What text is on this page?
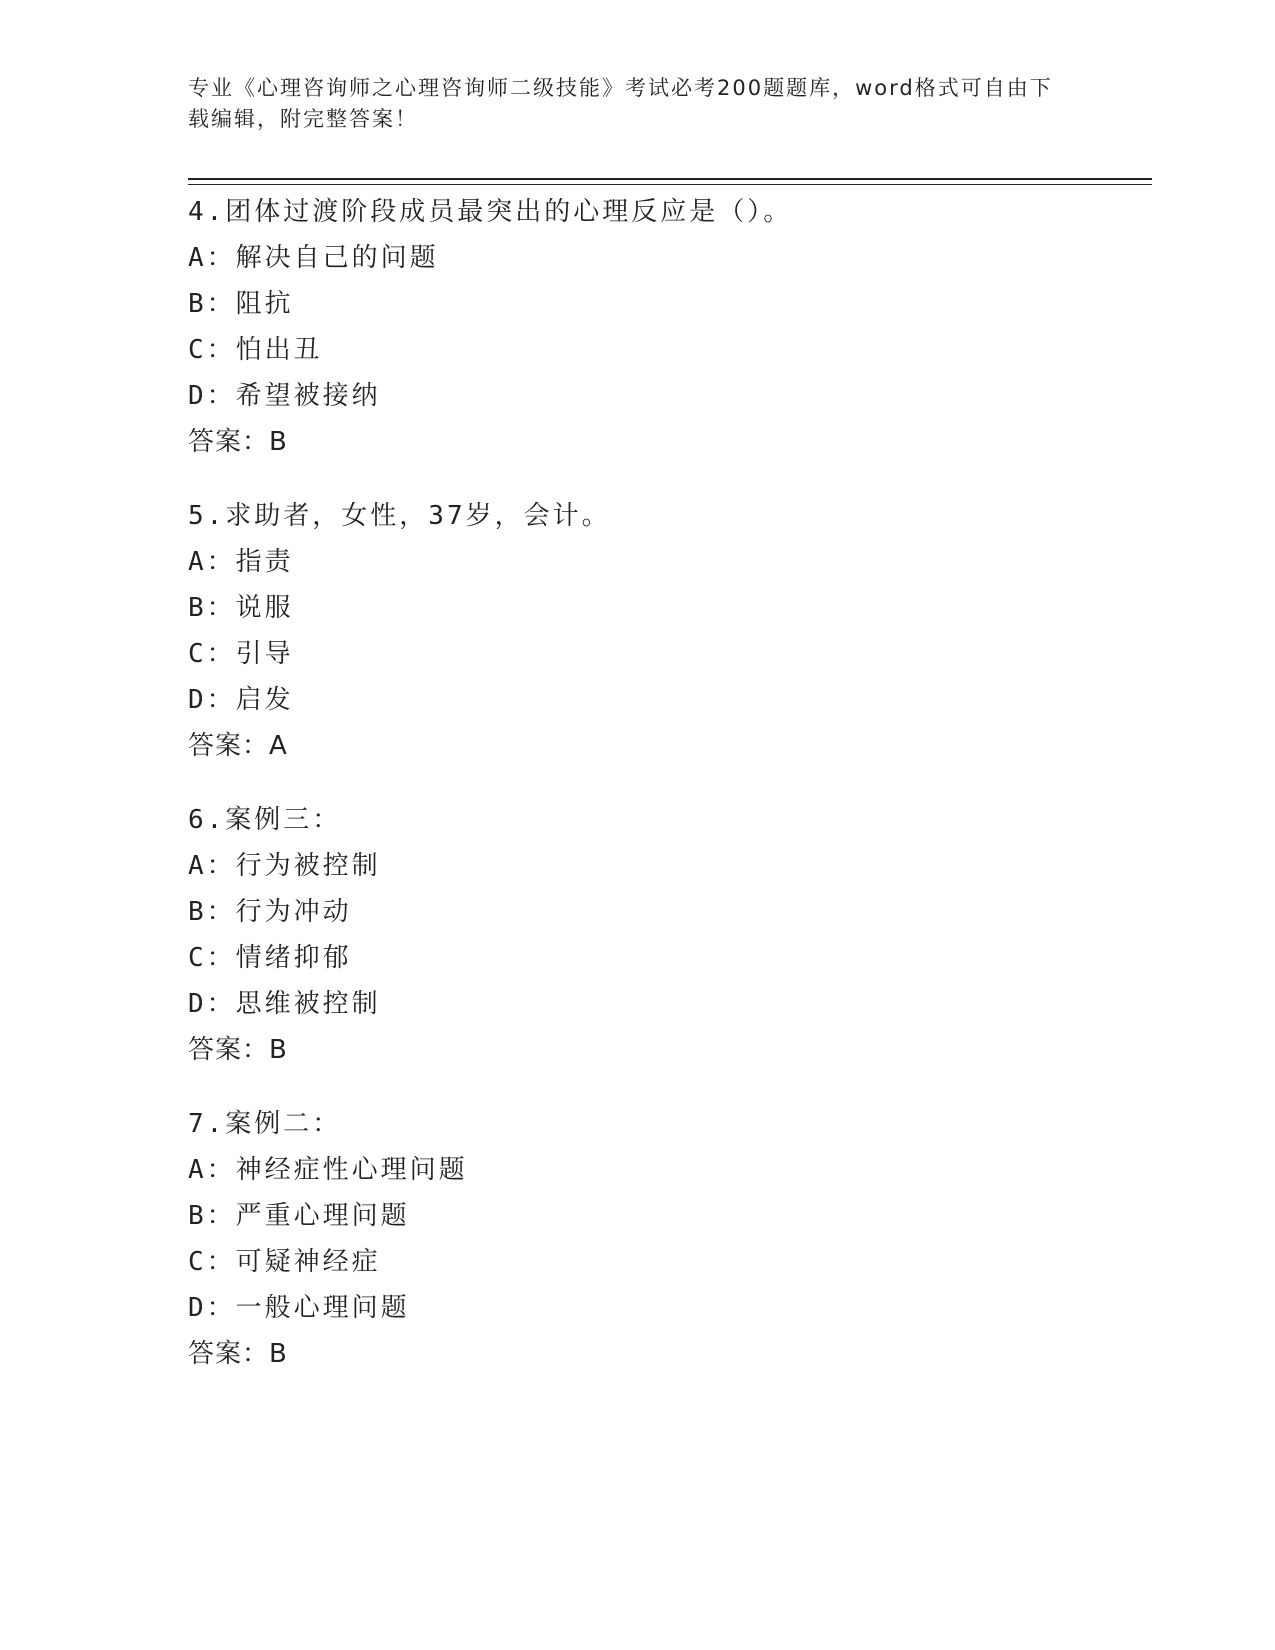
专业《心理咨询师之心理咨询师二级技能》考试必考200题题库，word格式可自由下载编辑，附完整答案！
4.团体过渡阶段成员最突出的心理反应是（）。
A：解决自己的问题
B：阻抗
C：怕出丑
D：希望被接纳
答案：B
5.求助者，女性，37岁，会计。
A：指责
B：说服
C：引导
D：启发
答案：A
6.案例三：
A：行为被控制
B：行为冲动
C：情绪抑郁
D：思维被控制
答案：B
7.案例二：
A：神经症性心理问题
B：严重心理问题
C：可疑神经症
D：一般心理问题
答案：B
